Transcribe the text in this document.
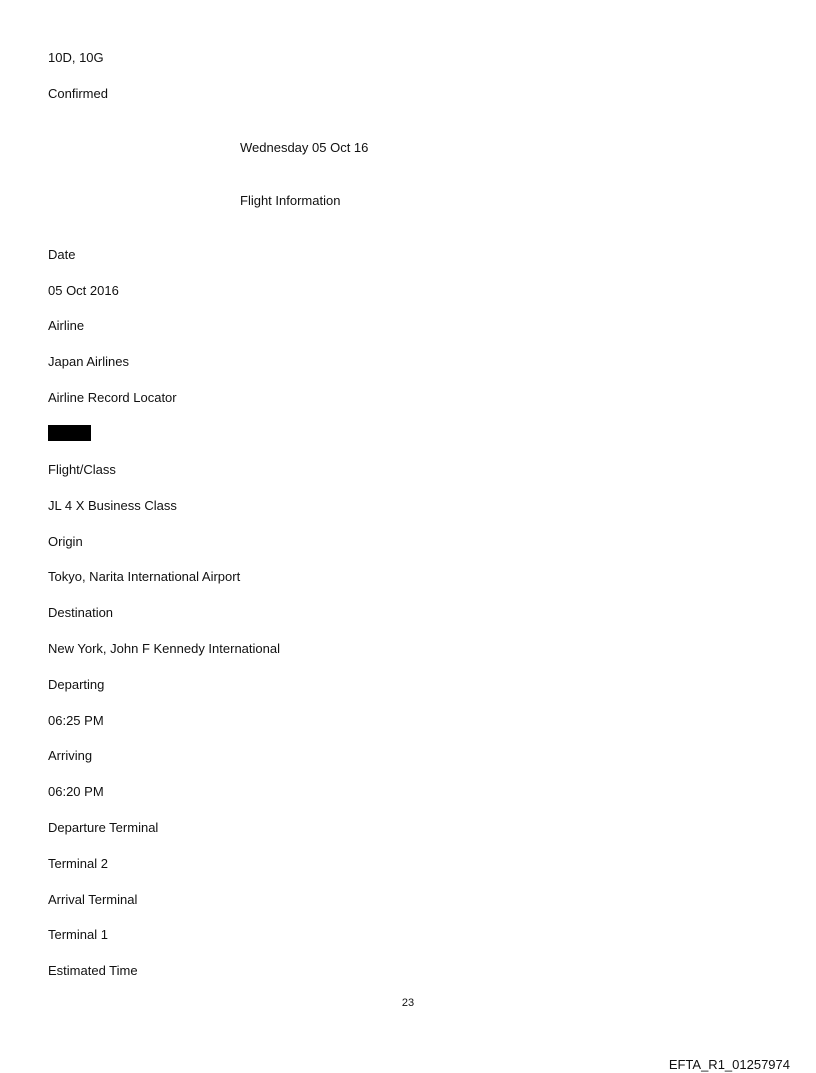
10D, 10G
Confirmed
Wednesday 05 Oct 16
Flight Information
Date
05 Oct 2016
Airline
Japan Airlines
Airline Record Locator
Flight/Class
JL 4 X Business Class
Origin
Tokyo, Narita International Airport
Destination
New York, John F Kennedy International
Departing
06:25 PM
Arriving
06:20 PM
Departure Terminal
Terminal 2
Arrival Terminal
Terminal 1
Estimated Time
23
EFTA_R1_01257974
